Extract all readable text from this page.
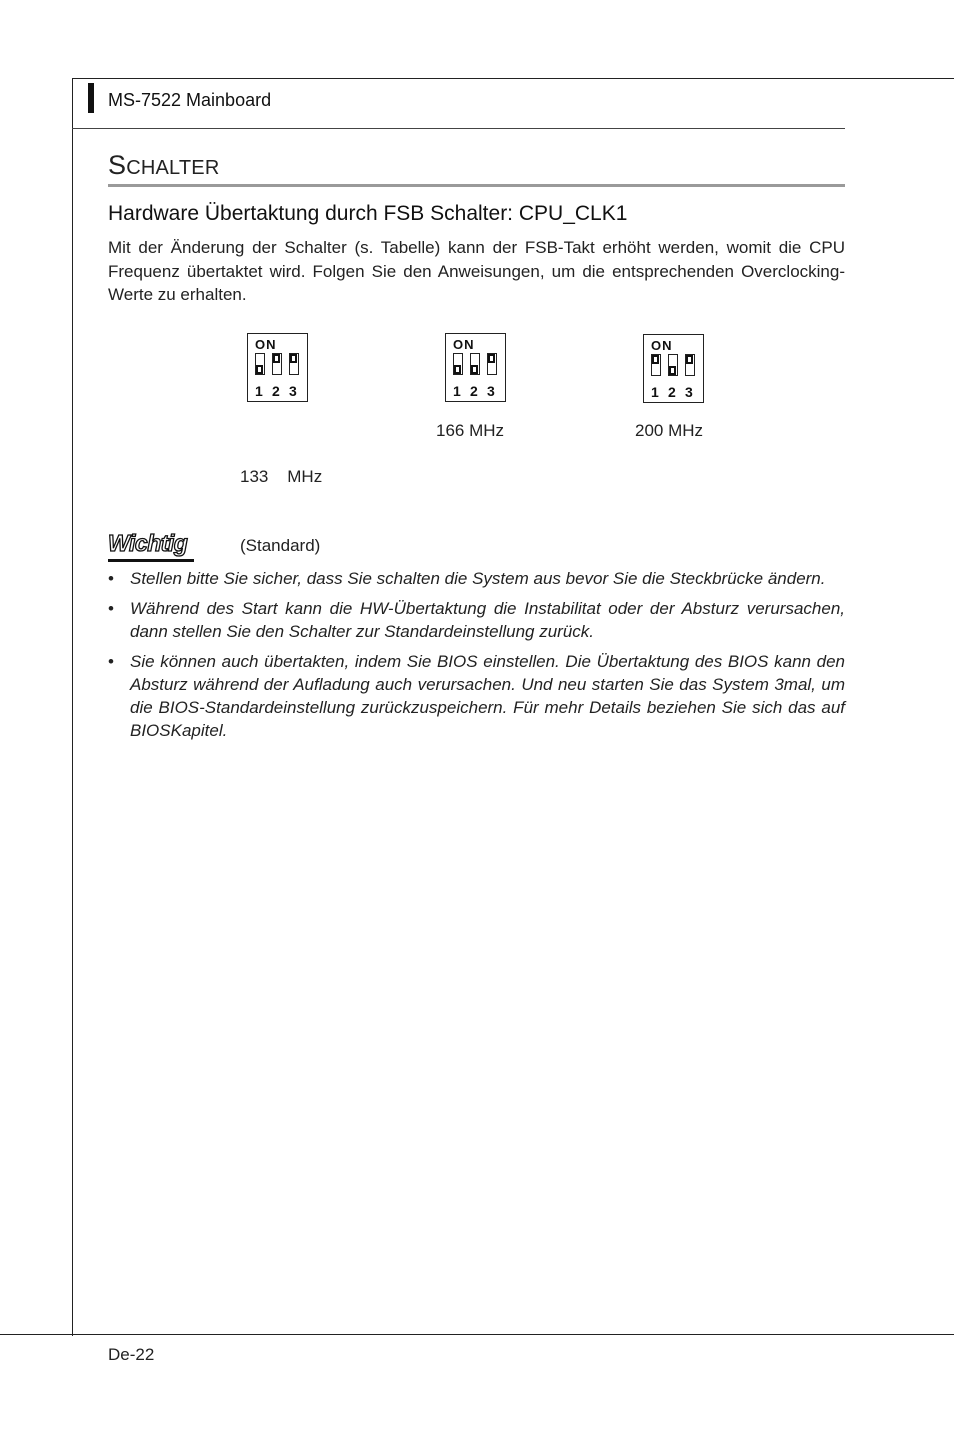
MS-7522 Mainboard
SCHALTER
Hardware Übertaktung durch FSB Schalter: CPU_CLK1
Mit der Änderung der Schalter (s. Tabelle) kann der FSB-Takt erhöht werden, womit die CPU Frequenz übertaktet wird. Folgen Sie den Anweisungen, um die entsprechenden Overclocking-Werte zu erhalten.
ON
1 2 3
ON
1 2 3
ON
1 2 3

133    MHz

(Standard)

166 MHz	200 MHz
Wichtig
• Stellen bitte Sie sicher, dass Sie schalten die System aus bevor Sie die Steckbrücke ändern.
• Während des Start kann die HW-Übertaktung die Instabilitat oder der Absturz verursachen, dann stellen Sie den Schalter zur Standardeinstellung zurück.
• Sie können auch übertakten, indem Sie BIOS einstellen. Die Übertaktung des BIOS kann den Absturz während der Aufladung auch verursachen. Und neu starten Sie das System 3mal, um die BIOS-Standardeinstellung zurückzuspeichern. Für mehr Details beziehen Sie sich das auf BIOSKapitel.
De-22
